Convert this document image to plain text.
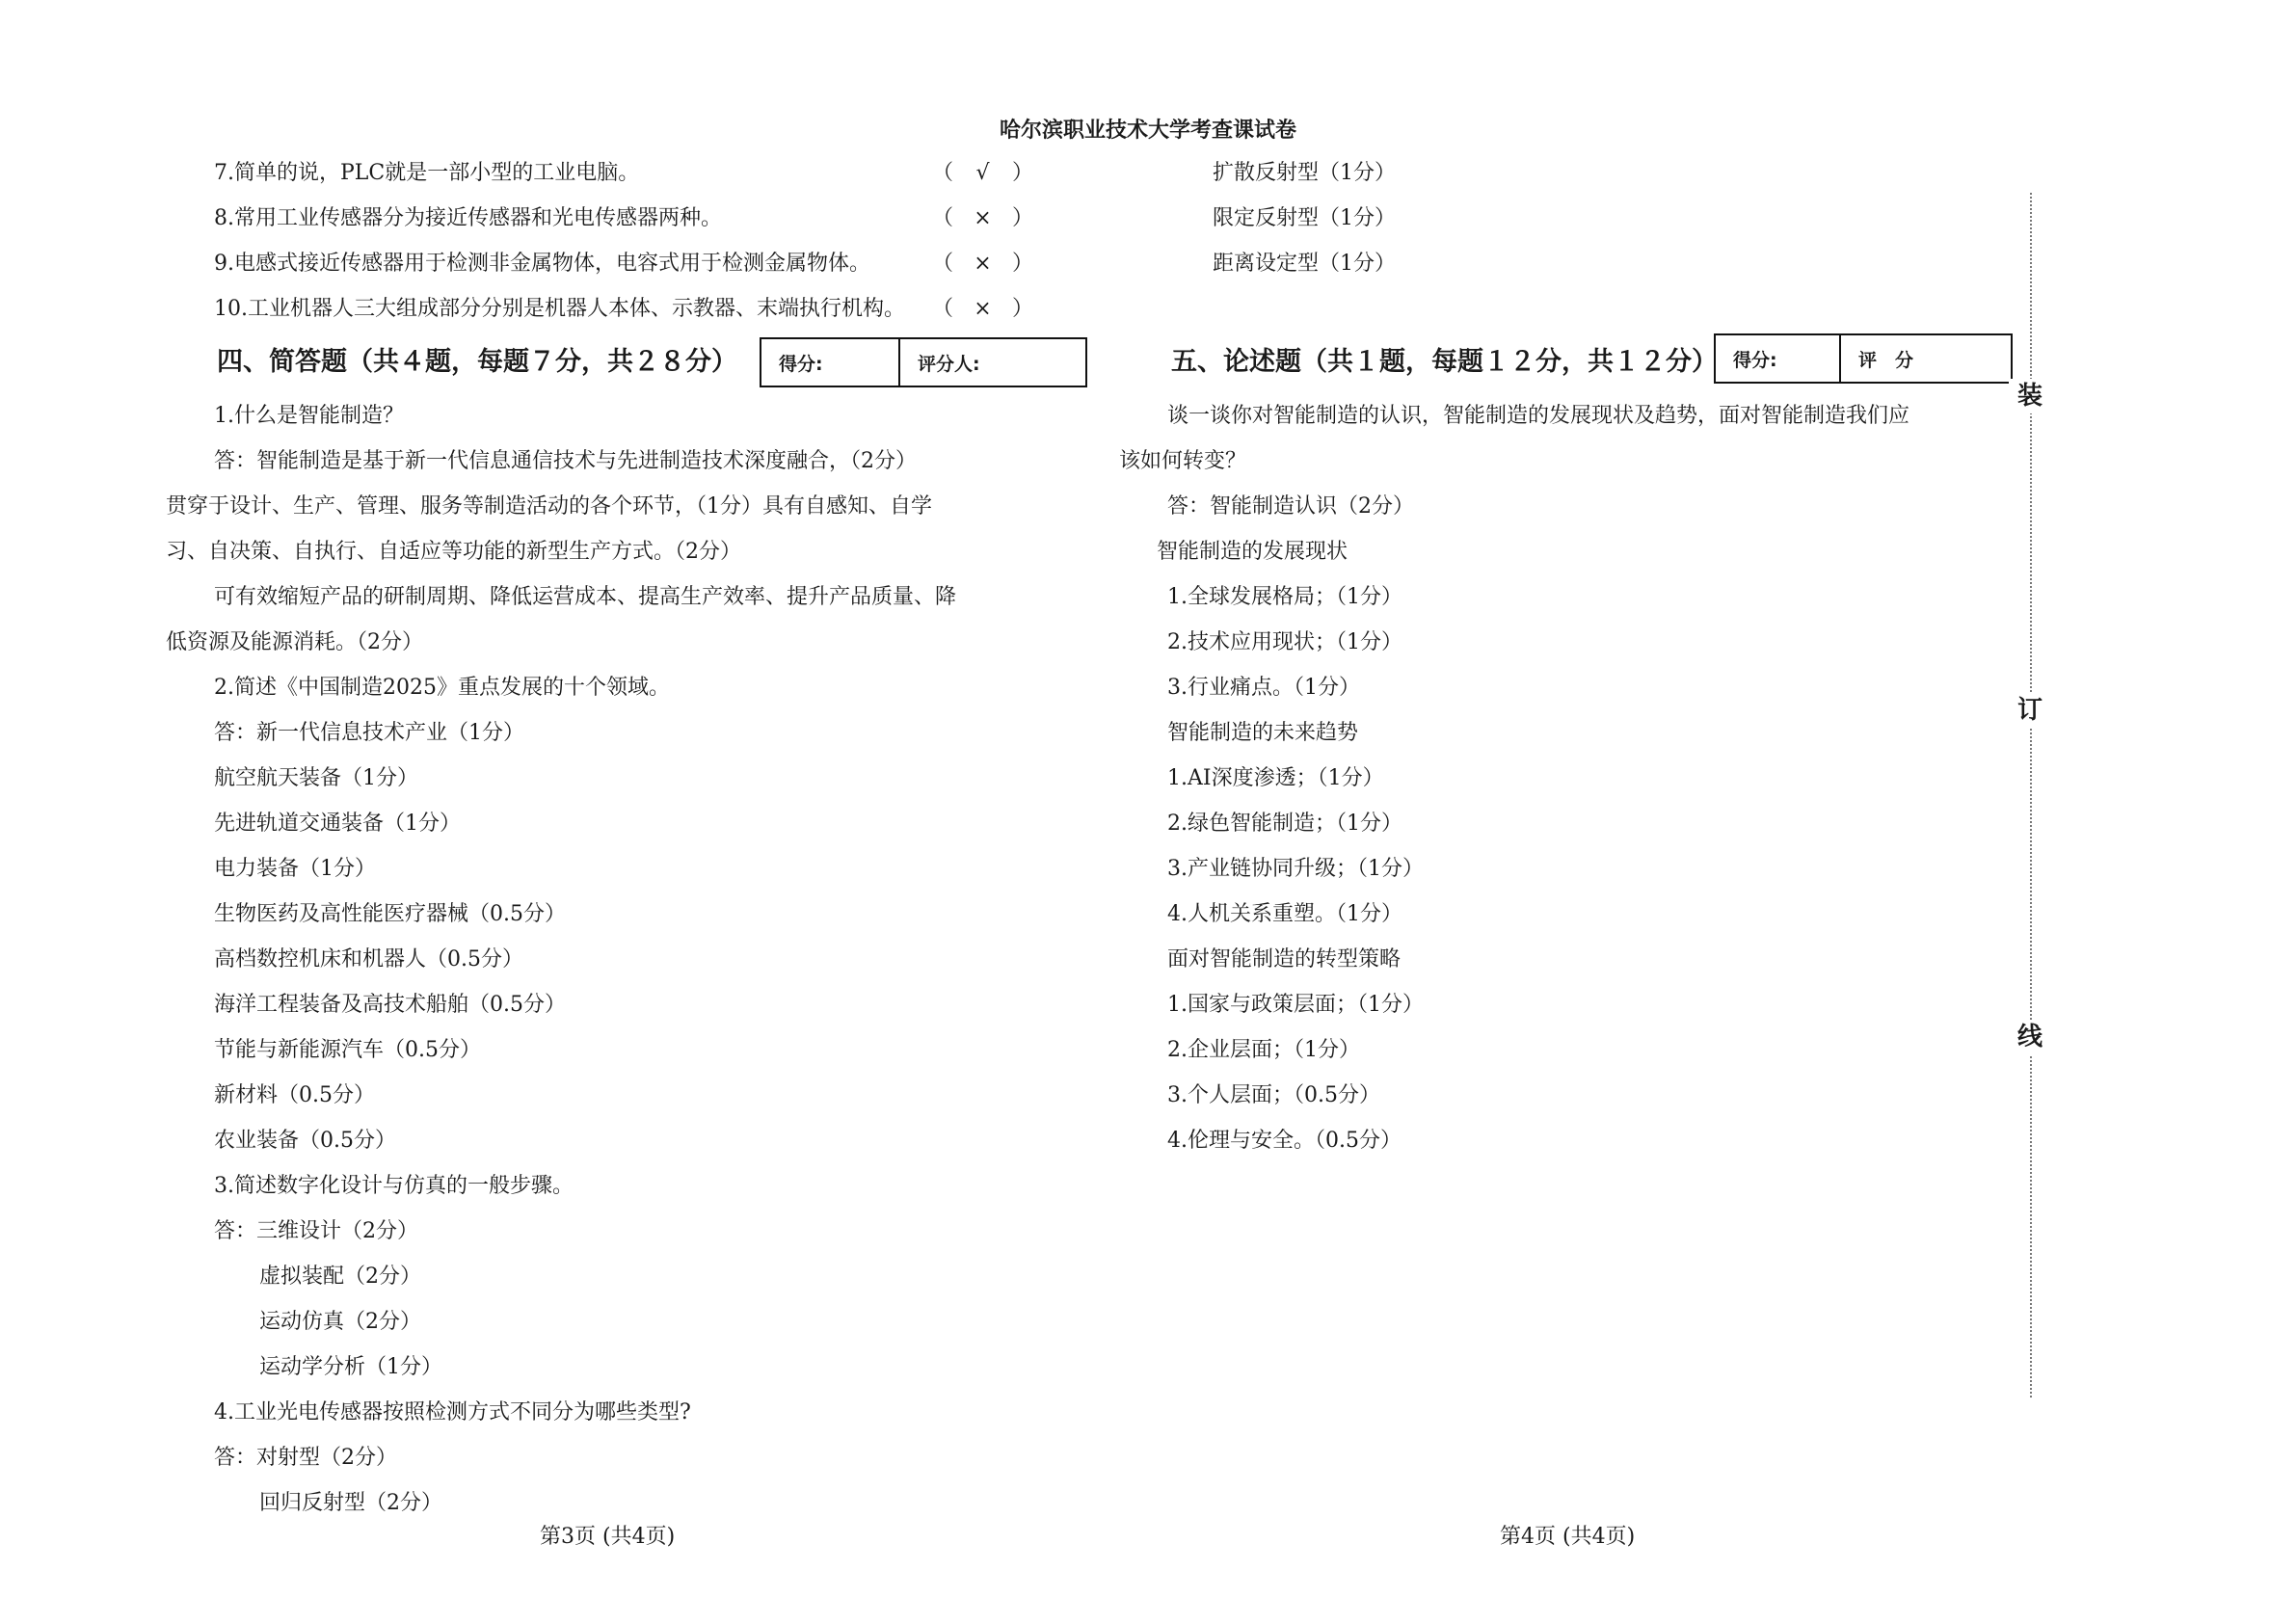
哈尔滨职业技术大学考查课试卷
7.简单的说，PLC就是一部小型的工业电脑。	（ √ ）
8.常用工业传感器分为接近传感器和光电传感器两种。	（ × ）
9.电感式接近传感器用于检测非金属物体，电容式用于检测金属物体。	（ × ）
10.工业机器人三大组成部分分别是机器人本体、示教器、末端执行机构。 （ × ）
四、简答题（共４题，每题７分，共２８分）	得分:	评分人:
1.什么是智能制造？
答：智能制造是基于新一代信息通信技术与先进制造技术深度融合，（2分）
贯穿于设计、生产、管理、服务等制造活动的各个环节，（1分）具有自感知、自学
习、自决策、自执行、自适应等功能的新型生产方式。（2分）
可有效缩短产品的研制周期、降低运营成本、提高生产效率、提升产品质量、降
低资源及能源消耗。（2分）
2.简述《中国制造2025》重点发展的十个领域。
答：新一代信息技术产业（1分）
航空航天装备（1分）
先进轨道交通装备（1分）
电力装备（1分）
生物医药及高性能医疗器械（0.5分）
高档数控机床和机器人（0.5分）
海洋工程装备及高技术船舶（0.5分）
节能与新能源汽车（0.5分）
新材料（0.5分）
农业装备（0.5分）
3.简述数字化设计与仿真的一般步骤。
答：三维设计（2分）
虚拟装配（2分）
运动仿真（2分）
运动学分析（1分）
4.工业光电传感器按照检测方式不同分为哪些类型?
答：对射型（2分）
回归反射型（2分）
扩散反射型（1分）
限定反射型（1分）
距离设定型（1分）
五、论述题（共１题，每题１２分，共１２分） 得分:	评　分
谈一谈你对智能制造的认识，智能制造的发展现状及趋势，面对智能制造我们应
该如何转变？
答：智能制造认识（2分）
智能制造的发展现状
1.全球发展格局；（1分）
2.技术应用现状；（1分）
3.行业痛点。（1分）
智能制造的未来趋势
1.AI深度渗透；（1分）
2.绿色智能制造；（1分）
3.产业链协同升级；（1分）
4.人机关系重塑。（1分）
面对智能制造的转型策略
1.国家与政策层面；（1分）
2.企业层面；（1分）
3.个人层面；（0.5分）
4.伦理与安全。（0.5分）
装
订
线
第3页 (共4页)	第4页 (共4页)
